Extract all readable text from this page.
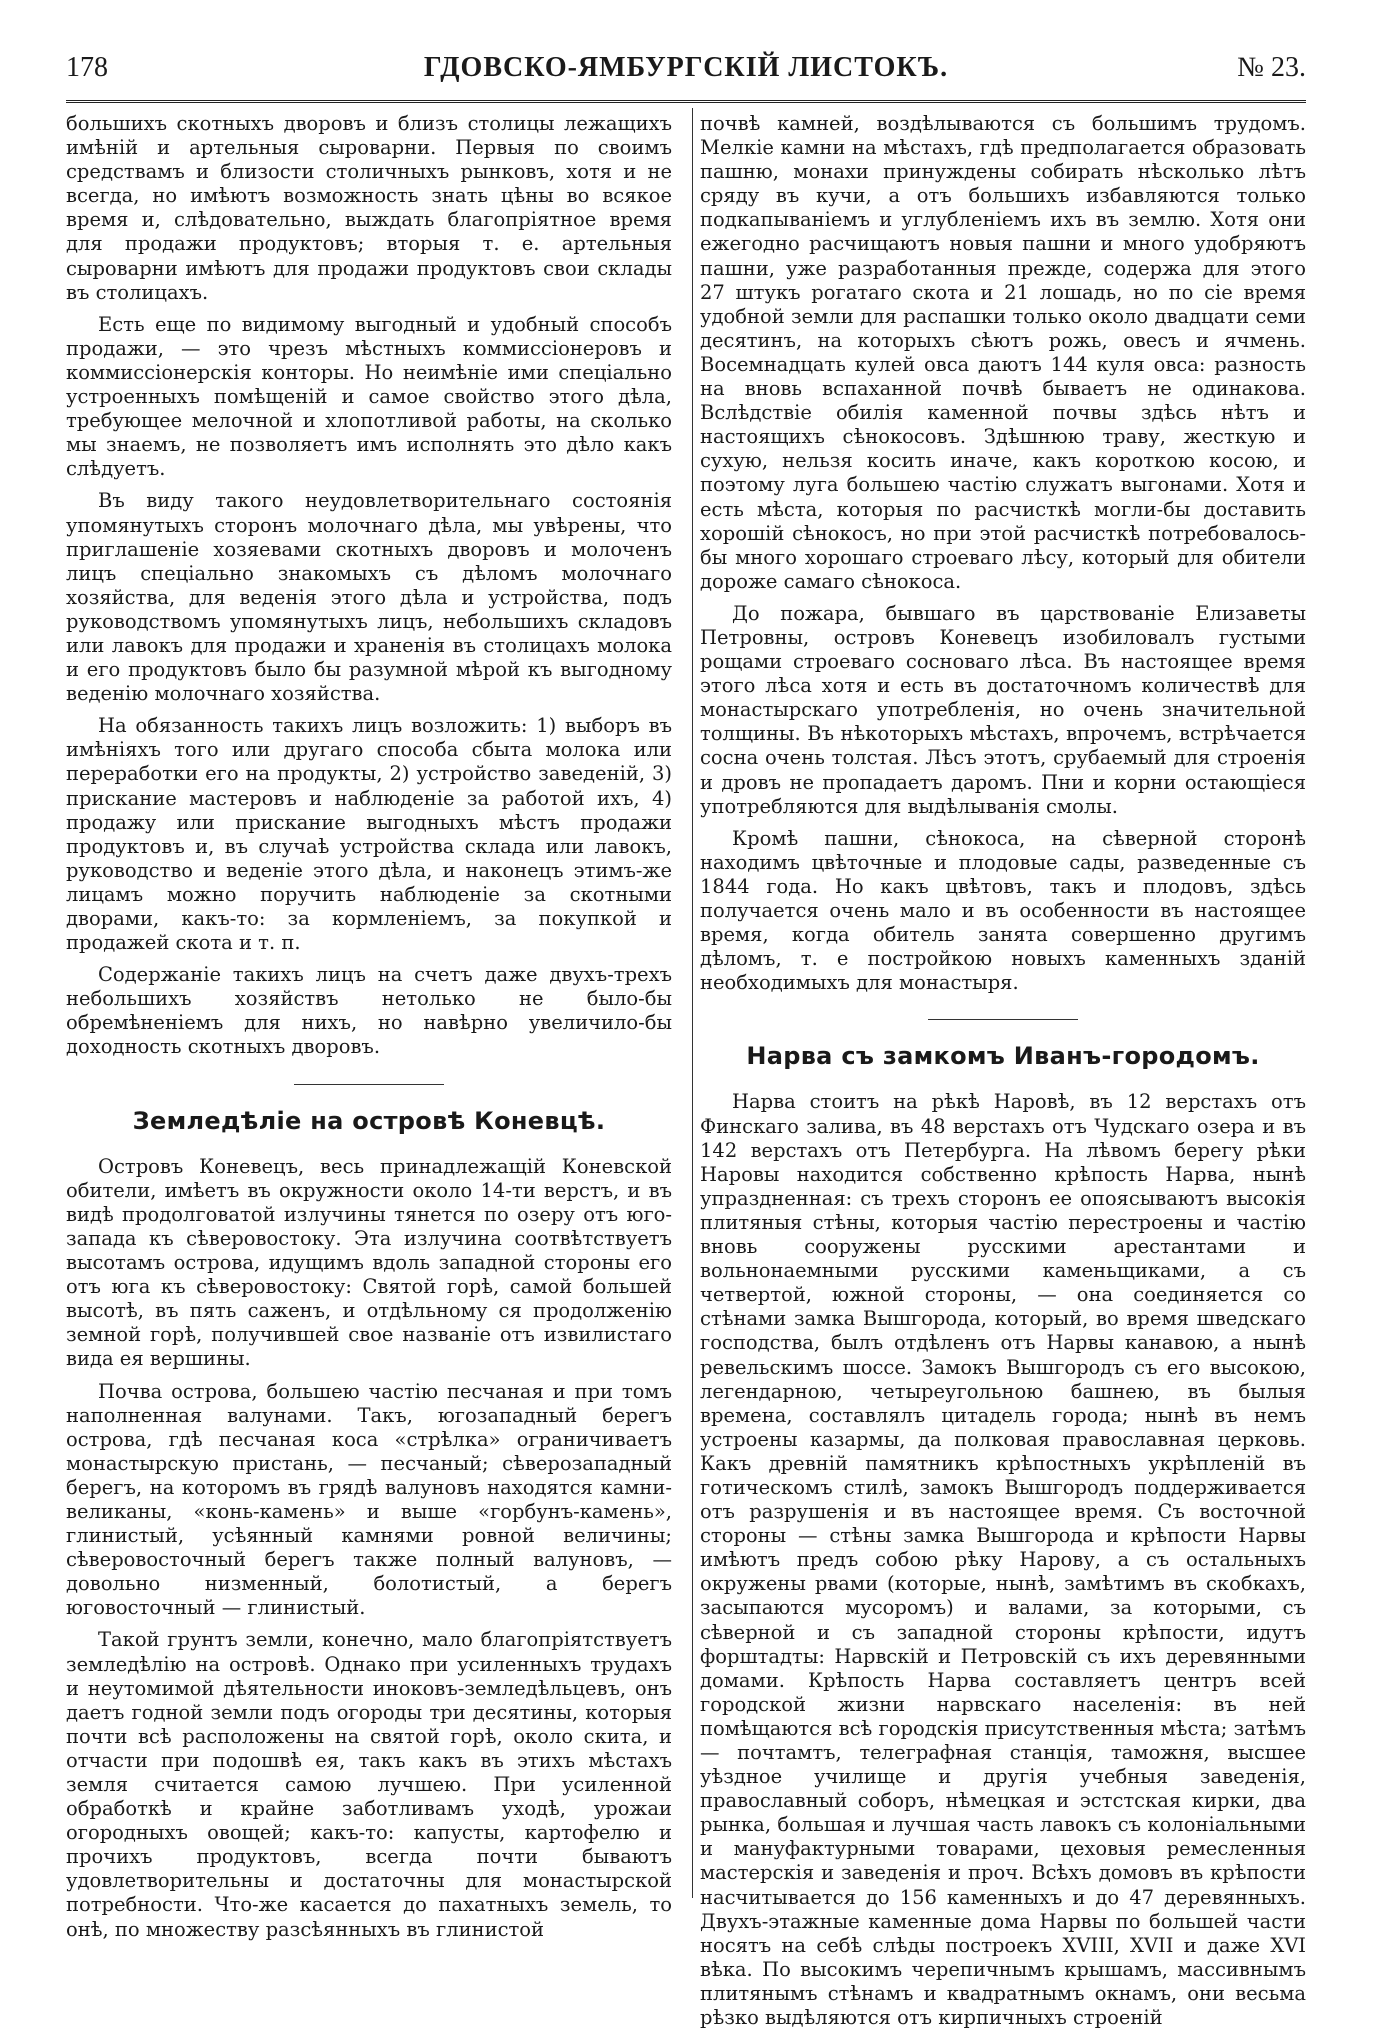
178	ГДОВСКО-ЯМБУРГСКІЙ ЛИСТОКЪ.	№ 23.

большихъ скотныхъ дворовъ и близъ столицы лежащихъ имѣній и артельныя сыроварни. Первыя по своимъ средствамъ и близости столичныхъ рынковъ, хотя и не всегда, но имѣютъ возможность знать цѣны во всякое время и, слѣдовательно, выждать благопріятное время для продажи продуктовъ; вторыя т. е. артельныя сыроварни имѣютъ для продажи продуктовъ свои склады въ столицахъ.

Есть еще по видимому выгодный и удобный способъ продажи, — это чрезъ мѣстныхъ коммиссіонеровъ и коммиссіонерскія конторы. Но неимѣніе ими спеціально устроенныхъ помѣщеній и самое свойство этого дѣла, требующее мелочной и хлопотливой работы, на сколько мы знаемъ, не позволяетъ имъ исполнять это дѣло какъ слѣдуетъ.

Въ виду такого неудовлетворительнаго состоянія упомянутыхъ сторонъ молочнаго дѣла, мы увѣрены, что приглашеніе хозяевами скотныхъ дворовъ и молоченъ лицъ спеціально знакомыхъ съ дѣломъ молочнаго хозяйства, для веденія этого дѣла и устройства, подъ руководствомъ упомянутыхъ лицъ, небольшихъ складовъ или лавокъ для продажи и храненія въ столицахъ молока и его продуктовъ было бы разумной мѣрой къ выгодному веденію молочнаго хозяйства.

На обязанность такихъ лицъ возложить: 1) выборъ въ имѣніяхъ того или другаго способа сбыта молока или переработки его на продукты, 2) устройство заведеній, 3) прискание мастеровъ и наблюденіе за работой ихъ, 4) продажу или прискание выгодныхъ мѣстъ продажи продуктовъ и, въ случаѣ устройства склада или лавокъ, руководство и веденіе этого дѣла, и наконецъ этимъ-же лицамъ можно поручить наблюденіе за скотными дворами, какъ-то: за кормленіемъ, за покупкой и продажей скота и т. п.

Содержаніе такихъ лицъ на счетъ даже двухъ-трехъ небольшихъ хозяйствъ нетолько не было-бы обремѣненіемъ для нихъ, но навѣрно увеличило-бы доходность скотныхъ дворовъ.

Земледѣліе на островѣ Коневцѣ.

Островъ Коневецъ, весь принадлежащій Коневской обители, имѣетъ въ окружности около 14-ти верстъ, и въ видѣ продолговатой излучины тянется по озеру отъ юго-запада къ сѣверовостоку. Эта излучина соотвѣтствуетъ высотамъ острова, идущимъ вдоль западной стороны его отъ юга къ сѣверовостоку: Святой горѣ, самой большей высотѣ, въ пять саженъ, и отдѣльному ся продолженію земной горѣ, получившей свое названіе отъ извилистаго вида ея вершины.

Почва острова, большею частію песчаная и при томъ наполненная валунами. Такъ, югозападный берегъ острова, гдѣ песчаная коса «стрѣлка» ограничиваетъ монастырскую пристань, — песчаный; сѣверозападный берегъ, на которомъ въ грядѣ валуновъ находятся камни-великаны, «конь-камень» и выше «горбунъ-камень», глинистый, усѣянный камнями ровной величины; сѣверовосточный берегъ также полный валуновъ, — довольно низменный, болотистый, а берегъ юговосточный — глинистый.

Такой грунтъ земли, конечно, мало благопріятствуетъ земледѣлію на островѣ. Однако при усиленныхъ трудахъ и неутомимой дѣятельности иноковъ-земледѣльцевъ, онъ даетъ годной земли подъ огороды три десятины, которыя почти всѣ расположены на святой горѣ, около скита, и отчасти при подошвѣ ея, такъ какъ въ этихъ мѣстахъ земля считается самою лучшею. При усиленной обработкѣ и крайне заботливамъ уходѣ, урожаи огородныхъ овощей; какъ-то: капусты, картофелю и прочихъ продуктовъ, всегда почти бываютъ удовлетворительны и достаточны для монастырской потребности. Что-же касается до пахатныхъ земель, то онѣ, по множеству разсѣянныхъ въ глинистой

почвѣ камней, воздѣлываются съ большимъ трудомъ. Мелкіе камни на мѣстахъ, гдѣ предполагается образовать пашню, монахи принуждены собирать нѣсколько лѣтъ сряду въ кучи, а отъ большихъ избавляются только подкапываніемъ и углубленіемъ ихъ въ землю. Хотя они ежегодно расчищаютъ новыя пашни и много удобряютъ пашни, уже разработанныя прежде, содержа для этого 27 штукъ рогатаго скота и 21 лошадь, но по сіе время удобной земли для распашки только около двадцати семи десятинъ, на которыхъ сѣютъ рожь, овесъ и ячмень. Восемнадцать кулей овса даютъ 144 куля овса: разность на вновь вспаханной почвѣ бываетъ не одинакова. Вслѣдствіе обилія каменной почвы здѣсь нѣтъ и настоящихъ сѣнокосовъ. Здѣшнюю траву, жесткую и сухую, нельзя косить иначе, какъ короткою косою, и поэтому луга большею частію служатъ выгонами. Хотя и есть мѣста, которыя по расчисткѣ могли-бы доставить хорошій сѣнокосъ, но при этой расчисткѣ потребовалось-бы много хорошаго строеваго лѣсу, который для обители дороже самаго сѣнокоса.

До пожара, бывшаго въ царствованіе Елизаветы Петровны, островъ Коневецъ изобиловалъ густыми рощами строеваго сосноваго лѣса. Въ настоящее время этого лѣса хотя и есть въ достаточномъ количествѣ для монастырскаго употребленія, но очень значительной толщины. Въ нѣкоторыхъ мѣстахъ, впрочемъ, встрѣчается сосна очень толстая. Лѣсъ этотъ, срубаемый для строенія и дровъ не пропадаетъ даромъ. Пни и корни остающіеся употребляются для выдѣлыванія смолы.

Кромѣ пашни, сѣнокоса, на сѣверной сторонѣ находимъ цвѣточные и плодовые сады, разведенные съ 1844 года. Но какъ цвѣтовъ, такъ и плодовъ, здѣсь получается очень мало и въ особенности въ настоящее время, когда обитель занята совершенно другимъ дѣломъ, т. е постройкою новыхъ каменныхъ зданій необходимыхъ для монастыря.

Нарва съ замкомъ Иванъ-городомъ.

Нарва стоитъ на рѣкѣ Наровѣ, въ 12 верстахъ отъ Финскаго залива, въ 48 верстахъ отъ Чудскаго озера и въ 142 верстахъ отъ Петербурга. На лѣвомъ берегу рѣки Наровы находится собственно крѣпость Нарва, нынѣ упраздненная: съ трехъ сторонъ ее опоясываютъ высокія плитяныя стѣны, которыя частію перестроены и частію вновь сооружены русскими арестантами и вольнонаемными русскими каменьщиками, а съ четвертой, южной стороны, — она соединяется со стѣнами замка Вышгорода, который, во время шведскаго господства, былъ отдѣленъ отъ Нарвы канавою, а нынѣ ревельскимъ шоссе. Замокъ Вышгородъ съ его высокою, легендарною, четыреугольною башнею, въ былыя времена, составлялъ цитадель города; нынѣ въ немъ устроены казармы, да полковая православная церковь. Какъ древній памятникъ крѣпостныхъ укрѣпленій въ готическомъ стилѣ, замокъ Вышгородъ поддерживается отъ разрушенія и въ настоящее время. Съ восточной стороны — стѣны замка Вышгорода и крѣпости Нарвы имѣютъ предъ собою рѣку Нарову, а съ остальныхъ окружены рвами (которые, нынѣ, замѣтимъ въ скобкахъ, засыпаются мусоромъ) и валами, за которыми, съ сѣверной и съ западной стороны крѣпости, идутъ форштадты: Нарвскій и Петровскій съ ихъ деревянными домами. Крѣпость Нарва составляетъ центръ всей городской жизни нарвскаго населенія: въ ней помѣщаются всѣ городскія присутственныя мѣста; затѣмъ — почтамтъ, телеграфная станція, таможня, высшее уѣздное училище и другія учебныя заведенія, православный соборъ, нѣмецкая и эстстская кирки, два рынка, большая и лучшая часть лавокъ съ колоніальными и мануфактурными товарами, цеховыя ремесленныя мастерскія и заведенія и проч. Всѣхъ домовъ въ крѣпости насчитывается до 156 каменныхъ и до 47 деревянныхъ. Двухъ-этажные каменные дома Нарвы по большей части носятъ на себѣ слѣды построекъ XVIII, XVII и даже XVI вѣка. По высокимъ черепичнымъ крышамъ, массивнымъ плитянымъ стѣнамъ и квадратнымъ окнамъ, они весьма рѣзко выдѣляются отъ кирпичныхъ строеній
